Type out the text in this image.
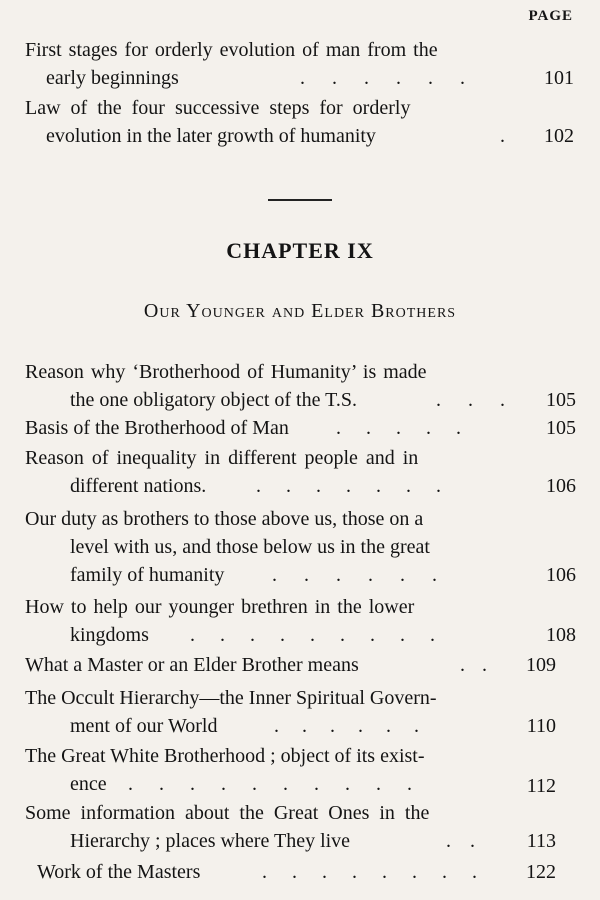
PAGE
First stages for orderly evolution of man from the
early beginnings	. . . . . .	101
Law of the four successive steps for orderly
evolution in the later growth of humanity	. 102
CHAPTER IX
Our Younger and Elder Brothers
Reason why ‘Brotherhood of Humanity’ is made
the one obligatory object of the T.S.	. . . 105
Basis of the Brotherhood of Man . . . . .	105
Reason of inequality in different people and in
different nations. . . . . . . .	106
Our duty as brothers to those above us, those on a
level with us, and those below us in the great
family of humanity . . . . . .	106
How to help our younger brethren in the lower
kingdoms . . . . . . . . .	108
What a Master or an Elder Brother means	. . 109
The Occult Hierarchy—the Inner Spiritual Govern-
ment of our World	. . . . . .	110
The Great White Brotherhood ; object of its exist-
ence . . . . . . . . . .	112
Some information about the Great Ones in the
Hierarchy ; places where They live	. .	113
Work of the Masters	. . . . . . . . 122
